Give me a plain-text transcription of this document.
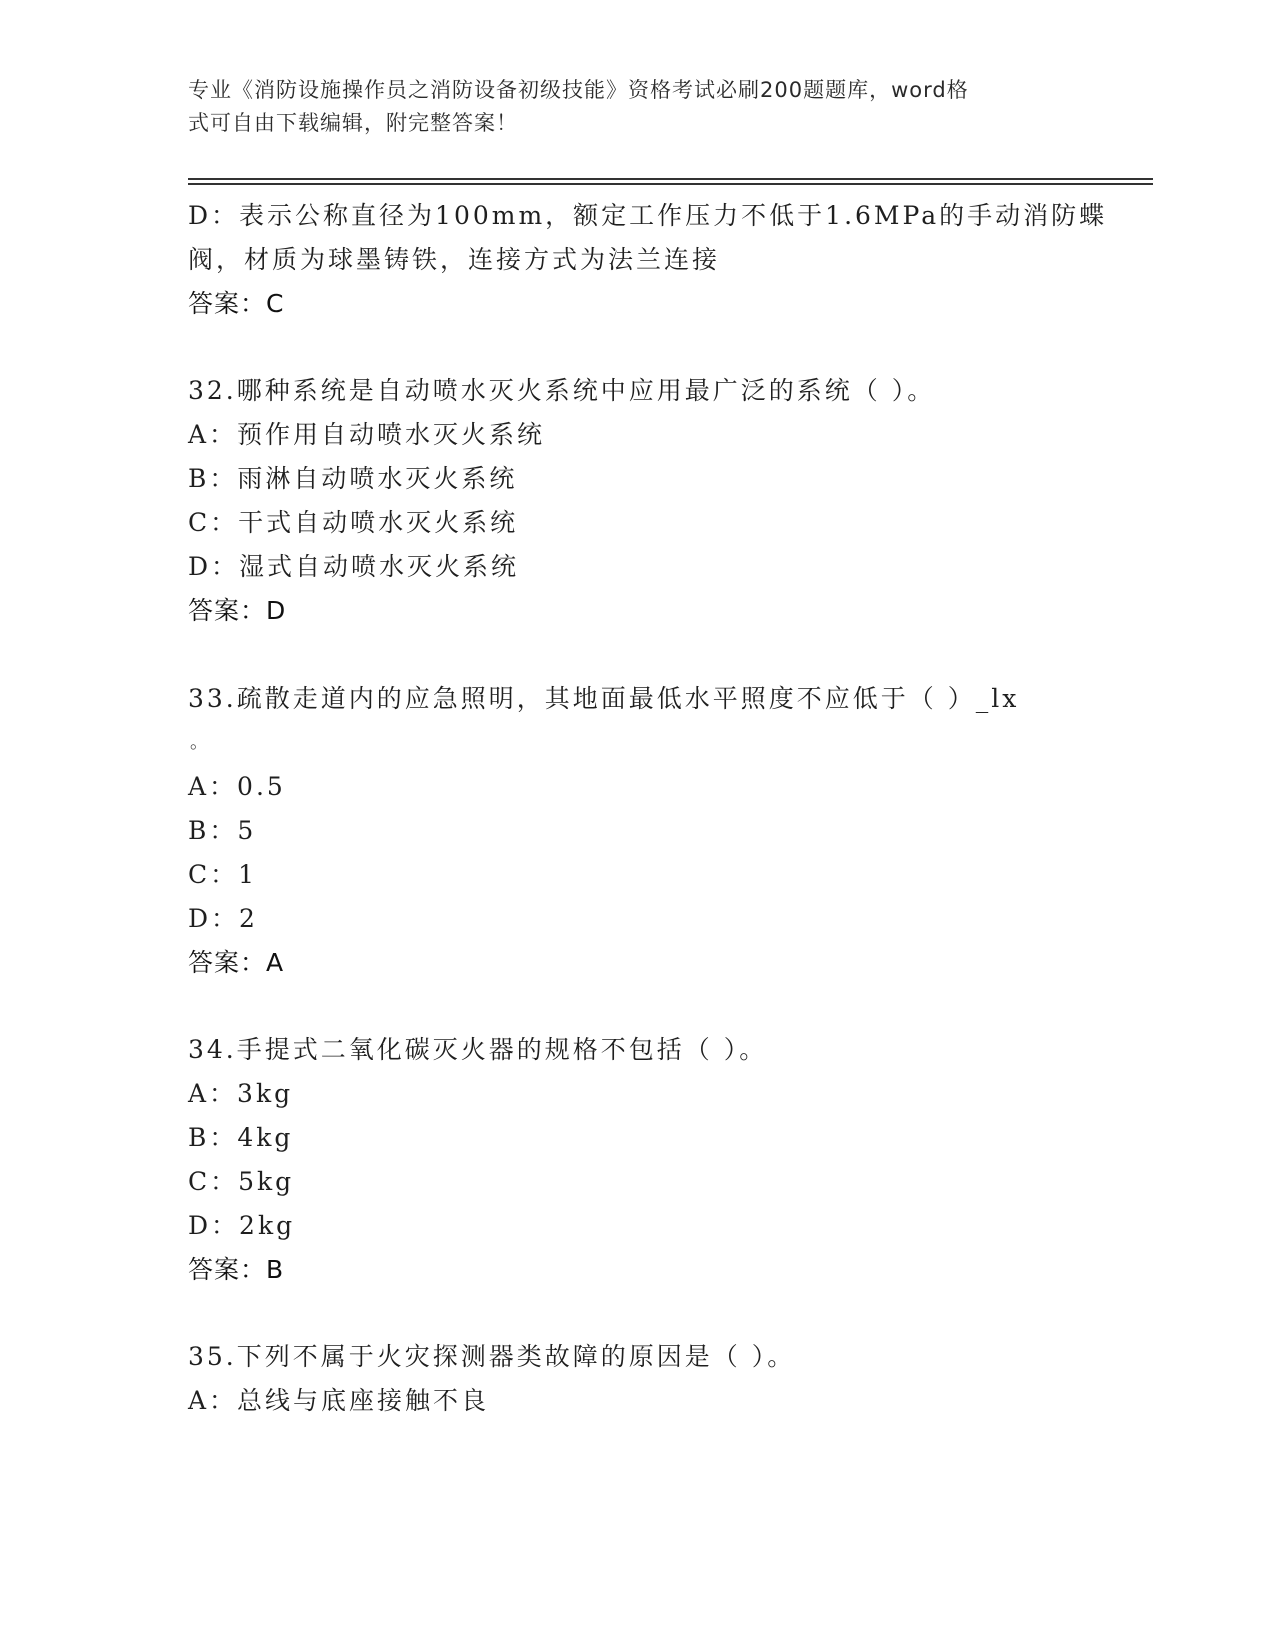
专业《消防设施操作员之消防设备初级技能》资格考试必刷200题题库，word格
式可自由下载编辑，附完整答案！
D：表示公称直径为100mm，额定工作压力不低于1.6MPa的手动消防蝶
阀，材质为球墨铸铁，连接方式为法兰连接
答案：C
32.哪种系统是自动喷水灭火系统中应用最广泛的系统（ ）。
A：预作用自动喷水灭火系统
B：雨淋自动喷水灭火系统
C：干式自动喷水灭火系统
D：湿式自动喷水灭火系统
答案：D
33.疏散走道内的应急照明，其地面最低水平照度不应低于（ ）_lx
。
A：0.5
B：5
C：1
D：2
答案：A
34.手提式二氧化碳灭火器的规格不包括（ ）。
A：3kg
B：4kg
C：5kg
D：2kg
答案：B
35.下列不属于火灾探测器类故障的原因是（ ）。
A：总线与底座接触不良
